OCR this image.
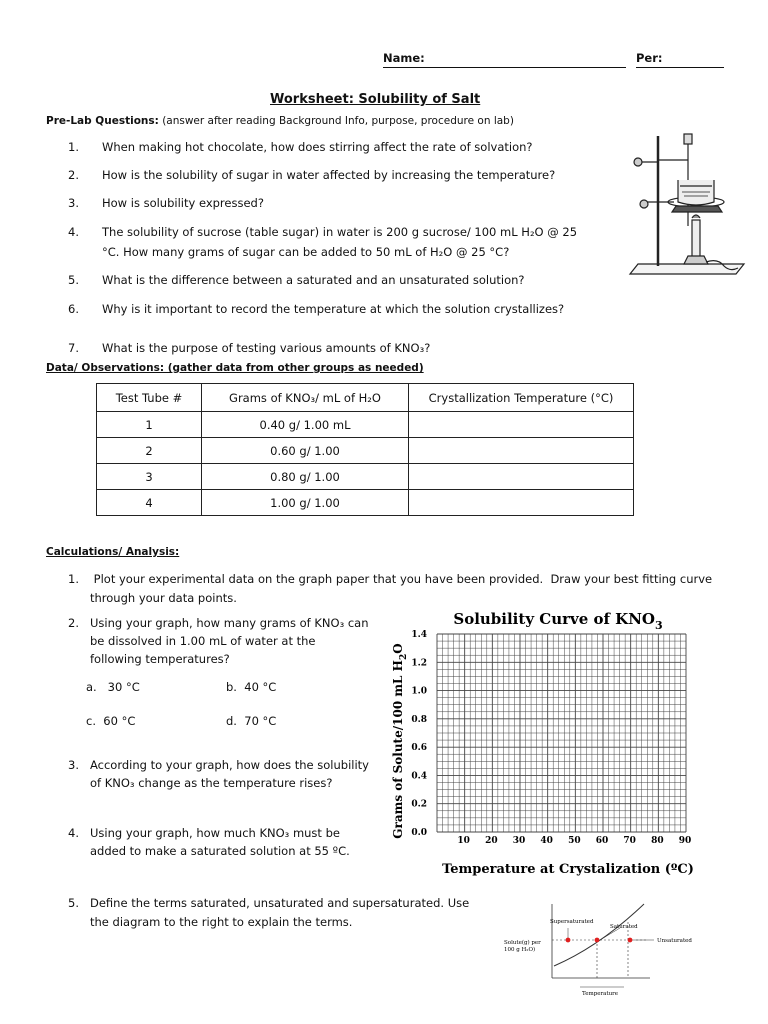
Name:	Per:
Worksheet: Solubility of Salt
Pre-Lab Questions: (answer after reading Background Info, purpose, procedure on lab)
1. When making hot chocolate, how does stirring affect the rate of solvation?
2. How is the solubility of sugar in water affected by increasing the temperature?
3. How is solubility expressed?
4. The solubility of sucrose (table sugar) in water is 200 g sucrose/ 100 mL H₂O @ 25
°C. How many grams of sugar can be added to 50 mL of H₂O @ 25 °C?
5. What is the difference between a saturated and an unsaturated solution?
6. Why is it important to record the temperature at which the solution crystallizes?
7. What is the purpose of testing various amounts of KNO₃?
Data/ Observations: (gather data from other groups as needed)
Test Tube #	Grams of KNO₃/ mL of H₂O	Crystallization Temperature (°C)
1	0.40 g/ 1.00 mL	
2	0.60 g/ 1.00	
3	0.80 g/ 1.00	
4	1.00 g/ 1.00	
Calculations/ Analysis:
1. Plot your experimental data on the graph paper that you have been provided.  Draw your best fitting curve
through your data points.
2. Using your graph, how many grams of KNO₃ can
be dissolved in 1.00 mL of water at the
following temperatures?
a.   30 °C	b.  40 °C
c.  60 °C	d.  70 °C
3. According to your graph, how does the solubility
of KNO₃ change as the temperature rises?
4. Using your graph, how much KNO₃ must be
added to make a saturated solution at 55 ºC.
5. Define the terms saturated, unsaturated and supersaturated. Use
the diagram to the right to explain the terms.
Solubility Curve of $KNO_3$
Grams of Solute/100 mL $H_2O$
Temperature at Crystalization (ºC)
0.0
0.2
0.4
0.6
0.8
1.0
1.2
1.4
10 20 30 40 50 60 70 80 90
Supersaturated
Saturated
Unsaturated
Solute(g) per
100 g H₂O)
Temperature
